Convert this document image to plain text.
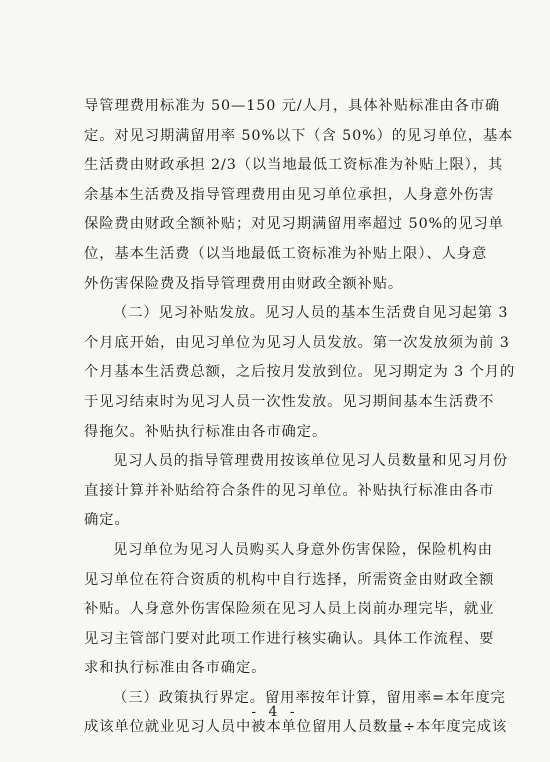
导管理费用标准为 50—150 元/人月，具体补贴标准由各市确
定。对见习期满留用率 50%以下（含 50%）的见习单位，基本
生活费由财政承担 2/3（以当地最低工资标准为补贴上限），其
余基本生活费及指导管理费用由见习单位承担，人身意外伤害
保险费由财政全额补贴；对见习期满留用率超过 50%的见习单
位，基本生活费（以当地最低工资标准为补贴上限）、人身意
外伤害保险费及指导管理费用由财政全额补贴。

（二）见习补贴发放。见习人员的基本生活费自见习起第 3
个月底开始，由见习单位为见习人员发放。第一次发放须为前 3
个月基本生活费总额，之后按月发放到位。见习期定为 3 个月的
于见习结束时为见习人员一次性发放。见习期间基本生活费不
得拖欠。补贴执行标准由各市确定。

见习人员的指导管理费用按该单位见习人员数量和见习月份
直接计算并补贴给符合条件的见习单位。补贴执行标准由各市
确定。

见习单位为见习人员购买人身意外伤害保险，保险机构由
见习单位在符合资质的机构中自行选择，所需资金由财政全额
补贴。人身意外伤害保险须在见习人员上岗前办理完毕，就业
见习主管部门要对此项工作进行核实确认。具体工作流程、要
求和执行标准由各市确定。

（三）政策执行界定。留用率按年计算，留用率=本年度完
成该单位就业见习人员中被本单位留用人员数量÷本年度完成该

- 4 -
